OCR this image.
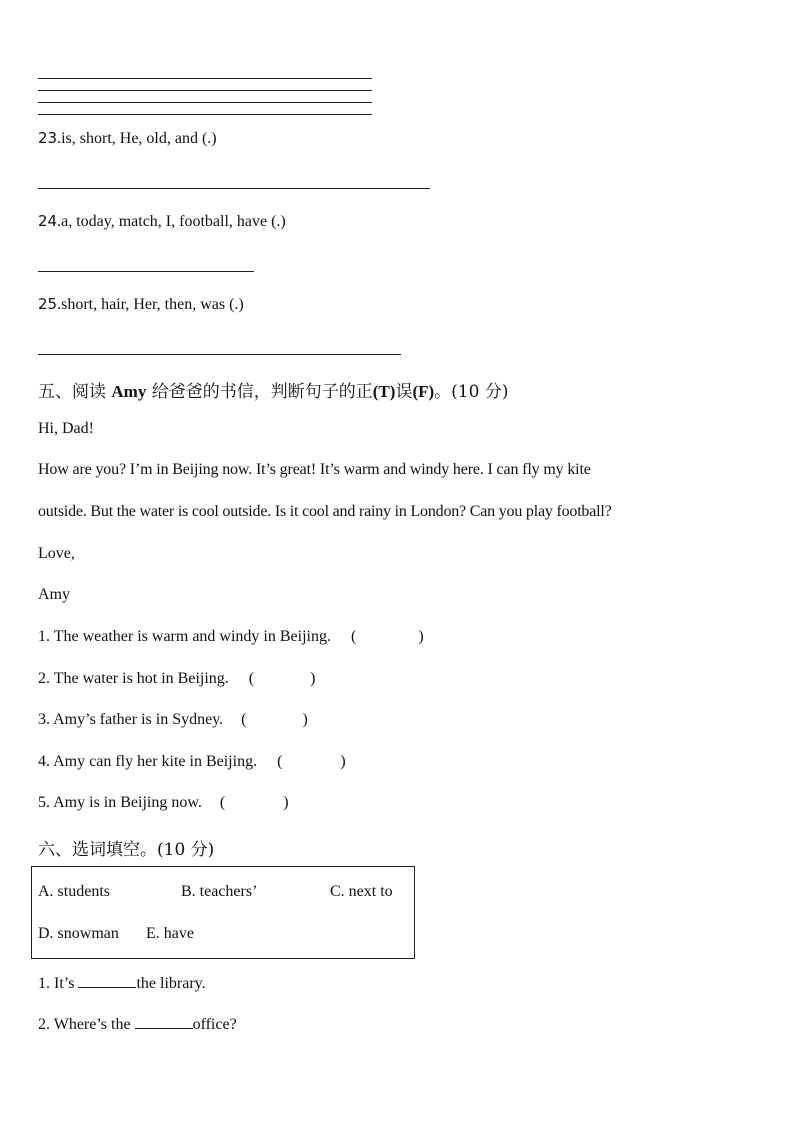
23.is, short, He, old, and (.)
24.a, today, match, I, football, have (.)
25.short, hair, Her, then, was (.)
五、阅读 Amy 给爸爸的书信，判断句子的正(T)误(F)。(10 分)
Hi, Dad!
How are you? I’m in Beijing now. It’s great! It’s warm and windy here. I can fly my kite
outside. But the water is cool outside. Is it cool and rainy in London? Can you play football?
Love,
Amy
1. The weather is warm and windy in Beijing. (	)
2. The water is hot in Beijing. (	)
3. Amy’s father is in Sydney. (	)
4. Amy can fly her kite in Beijing. (	)
5. Amy is in Beijing now. (	)
六、选词填空。(10 分)
A. students	B. teachers’	C. next to
D. snowman E. have
1. It’s	the library.
2. Where’s the	office?
